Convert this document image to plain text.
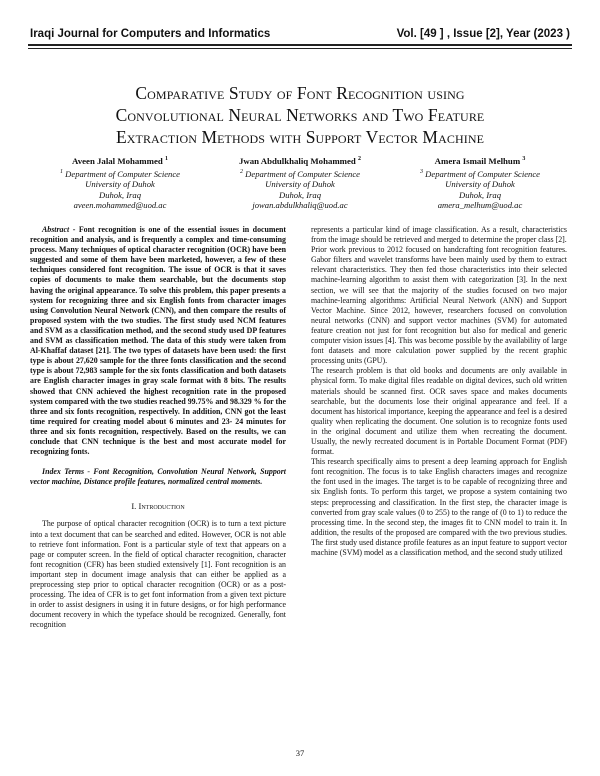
Iraqi Journal for Computers and Informatics	Vol. [49 ] , Issue [2], Year (2023 )
Comparative Study of Font Recognition using
Convolutional Neural Networks and Two Feature
Extraction Methods with Support Vector Machine
Aveen Jalal Mohammed $^1$
$^1$ Department of Computer Science
University of Duhok
Duhok, Iraq
aveen.mohammed@uod.ac
Jwan Abdulkhaliq Mohammed $^2$
$^2$ Department of Computer Science
University of Duhok
Duhok, Iraq
jowan.abdulkhaliq@uod.ac
Amera Ismail Melhum $^3$
$^3$ Department of Computer Science
University of Duhok
Duhok, Iraq
amera_melhum@uod.ac

Abstract - Font recognition is one of the essential issues in document recognition and analysis, and is frequently a complex and time-consuming process. Many techniques of optical character recognition (OCR) have been suggested and some of them have been marketed, however, a few of these techniques considered font recognition. The issue of OCR is that it saves copies of documents to make them searchable, but the documents stop having the original appearance. To solve this problem, this paper presents a system for recognizing three and six English fonts from character images using Convolution Neural Network (CNN), and then compare the results of proposed system with the two studies. The first study used NCM features and SVM as a classification method, and the second study used DP features and SVM as classification method. The data of this study were taken from Al-Khaffaf dataset [21]. The two types of datasets have been used: the first type is about 27,620 sample for the three fonts classification and the second type is about 72,983 sample for the six fonts classification and both datasets are English character images in gray scale format with 8 bits. The results showed that CNN achieved the highest recognition rate in the proposed system compared with the two studies reached 99.75% and 98.329 % for the three and six fonts recognition, respectively. In addition, CNN got the least time required for creating model about 6 minutes and 23- 24 minutes for three and six fonts recognition, respectively. Based on the results, we can conclude that CNN technique is the best and most accurate model for recognizing fonts.

Index Terms - Font Recognition, Convolution Neural Network, Support vector machine, Distance profile features, normalized central moments.

I. Introduction

The purpose of optical character recognition (OCR) is to turn a text picture into a text document that can be searched and edited. However, OCR is not able to retrieve font information. Font is a particular style of text that appears on a page or computer screen. In the field of optical character recognition, character font recognition (CFR) has been studied extensively [1]. Font recognition is an important step in document image analysis that can either be applied as a preprocessing step prior to optical character recognition (OCR) or as a post-processing. The idea of CFR is to get font information from a given text picture in order to assist designers in using it in future designs, or for high performance document recovery in which the typeface should be recognized. Generally, font recognition

represents a particular kind of image classification. As a result, characteristics from the image should be retrieved and merged to determine the proper class [2].

Prior work previous to 2012 focused on handcrafting font recognition features. Gabor filters and wavelet transforms have been mainly used by them to extract relevant characteristics. They then fed those characteristics into their selected machine-learning algorithm to assist them with categorization [3]. In the next section, we will see that the majority of the studies focused on two major machine-learning algorithms: Artificial Neural Network (ANN) and Support Vector Machine. Since 2012, however, researchers focused on convolution neural networks (CNN) and support vector machines (SVM) for automated feature creation not just for font recognition but also for medical and generic computer vision issues [4]. This was become possible by the availability of large font datasets and more calculation power supplied by the recent graphic processing units (GPU).

The research problem is that old books and documents are only available in physical form. To make digital files readable on digital devices, such old written materials should be scanned first. OCR saves space and makes documents searchable, but the documents lose their original appearance and feel. If a document has historical importance, keeping the appearance and feel is a desired quality when replicating the document. One solution is to recognize fonts used in the original document and utilize them when recreating the document. Usually, the newly recreated document is in Portable Document Format (PDF) format.

This research specifically aims to present a deep learning approach for English font recognition. The focus is to take English characters images and recognize the font used in the images. The target is to be capable of recognizing three and six English fonts. To perform this target, we propose a system containing two steps: preprocessing and classification. In the first step, the character image is converted from gray scale values (0 to 255) to the range of (0 to 1) to reduce the processing time. In the second step, the images fit to CNN model to train it. In addition, the results of the proposed are compared with the two previous studies. The first study used distance profile features as an input feature to support vector machine (SVM) model as a classification method, and the second study utilized

37
